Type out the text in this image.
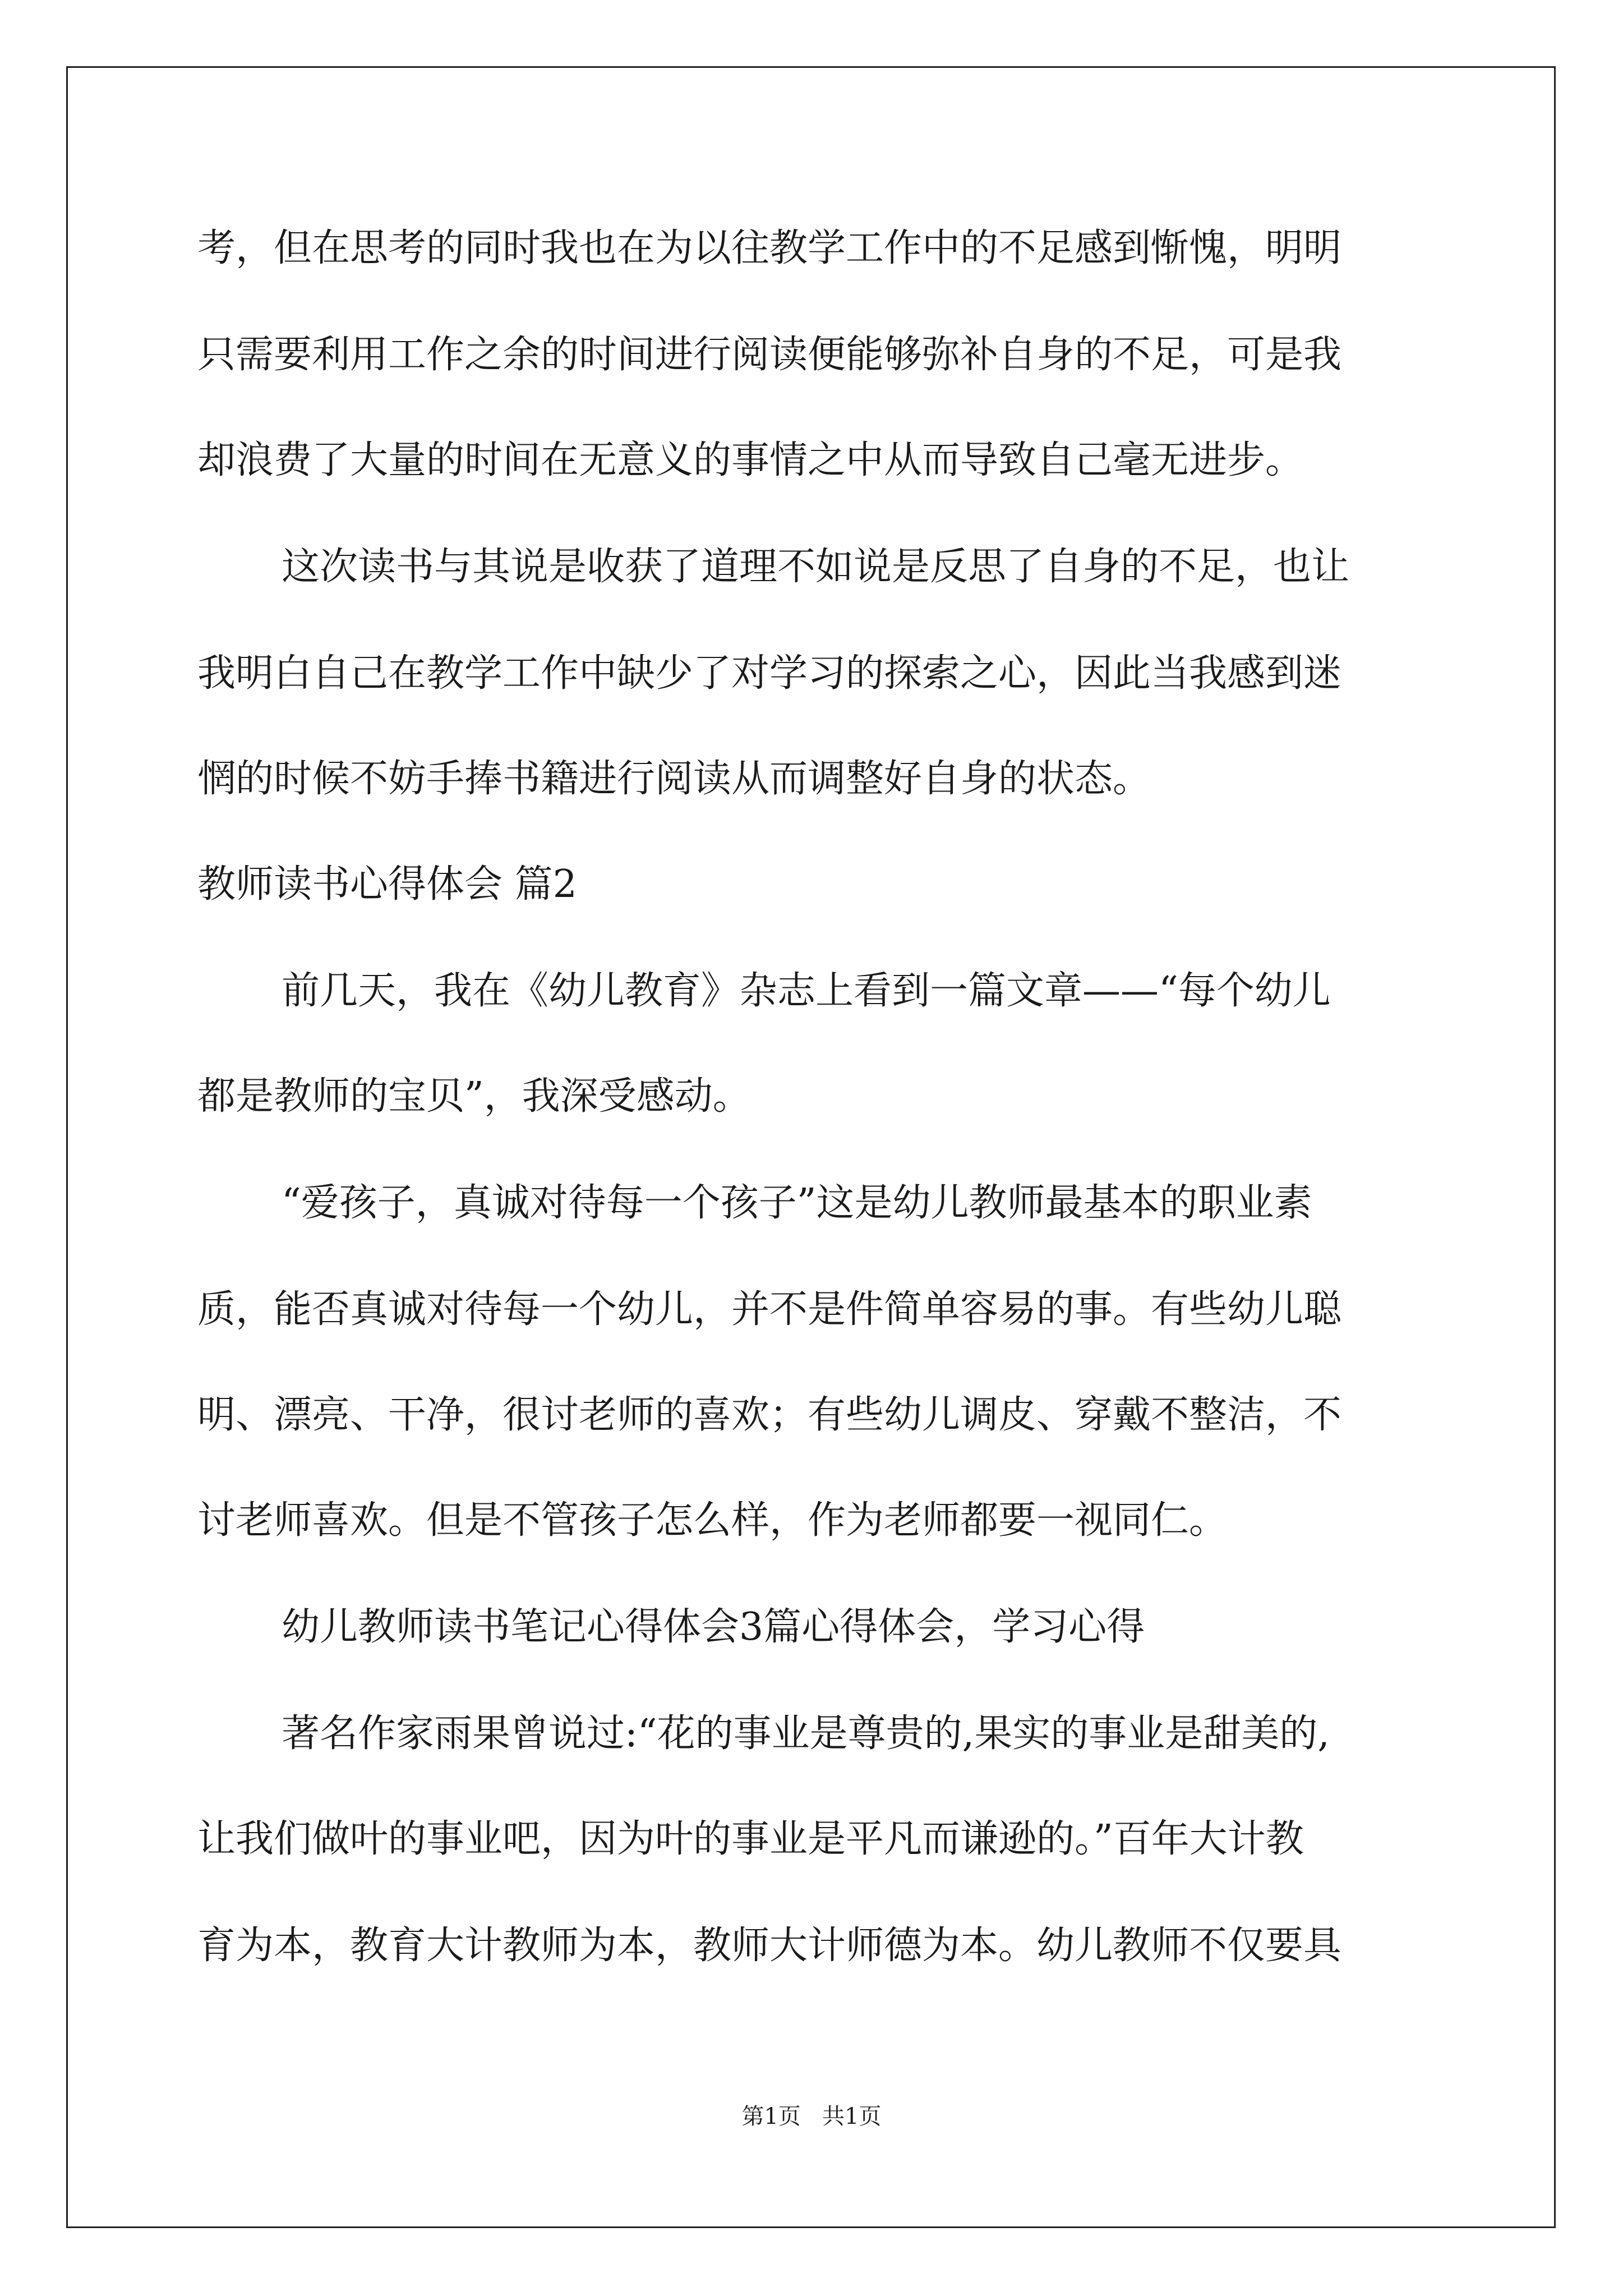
考，但在思考的同时我也在为以往教学工作中的不足感到惭愧，明明
只需要利用工作之余的时间进行阅读便能够弥补自身的不足，可是我
却浪费了大量的时间在无意义的事情之中从而导致自己毫无进步。
这次读书与其说是收获了道理不如说是反思了自身的不足，也让
我明白自己在教学工作中缺少了对学习的探索之心，因此当我感到迷
惘的时候不妨手捧书籍进行阅读从而调整好自身的状态。
教师读书心得体会 篇2
前几天，我在《幼儿教育》杂志上看到一篇文章——“每个幼儿
都是教师的宝贝”，我深受感动。
“爱孩子，真诚对待每一个孩子”这是幼儿教师最基本的职业素
质，能否真诚对待每一个幼儿，并不是件简单容易的事。有些幼儿聪
明、漂亮、干净，很讨老师的喜欢；有些幼儿调皮、穿戴不整洁，不
讨老师喜欢。但是不管孩子怎么样，作为老师都要一视同仁。
幼儿教师读书笔记心得体会3篇心得体会，学习心得
著名作家雨果曾说过:“花的事业是尊贵的,果实的事业是甜美的,
让我们做叶的事业吧，因为叶的事业是平凡而谦逊的。”百年大计教
育为本，教育大计教师为本，教师大计师德为本。幼儿教师不仅要具
第1页   共1页
